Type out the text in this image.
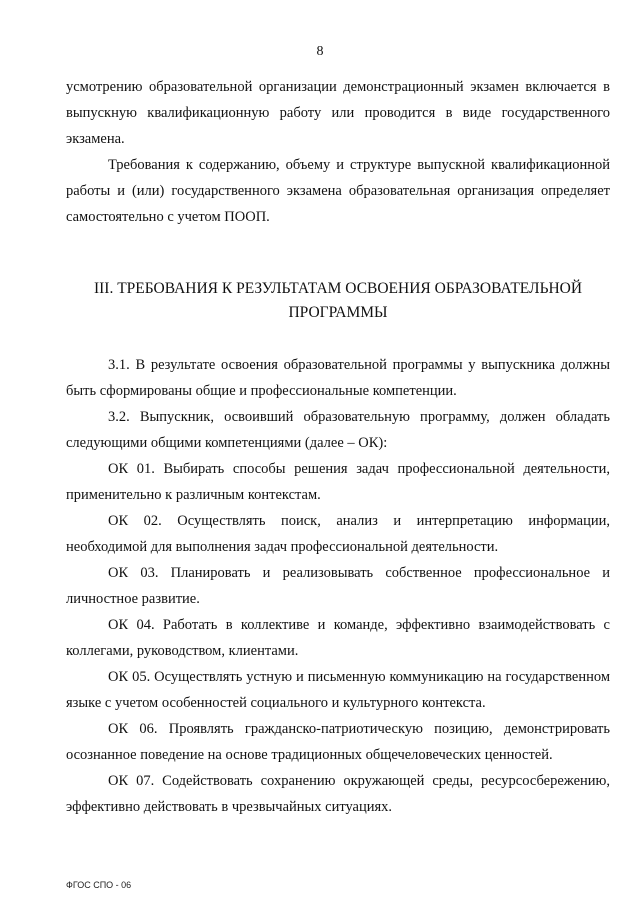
8

усмотрению образовательной организации демонстрационный экзамен включается в выпускную квалификационную работу или проводится в виде государственного экзамена.

Требования к содержанию, объему и структуре выпускной квалификационной работы и (или) государственного экзамена образовательная организация определяет самостоятельно с учетом ПООП.

III. ТРЕБОВАНИЯ К РЕЗУЛЬТАТАМ ОСВОЕНИЯ ОБРАЗОВАТЕЛЬНОЙ ПРОГРАММЫ

3.1. В результате освоения образовательной программы у выпускника должны быть сформированы общие и профессиональные компетенции.

3.2. Выпускник, освоивший образовательную программу, должен обладать следующими общими компетенциями (далее – ОК):

ОК 01. Выбирать способы решения задач профессиональной деятельности, применительно к различным контекстам.

ОК 02. Осуществлять поиск, анализ и интерпретацию информации, необходимой для выполнения задач профессиональной деятельности.

ОК 03. Планировать и реализовывать собственное профессиональное и личностное развитие.

ОК 04. Работать в коллективе и команде, эффективно взаимодействовать с коллегами, руководством, клиентами.

ОК 05. Осуществлять устную и письменную коммуникацию на государственном языке с учетом особенностей социального и культурного контекста.

ОК 06. Проявлять гражданско-патриотическую позицию, демонстрировать осознанное поведение на основе традиционных общечеловеческих ценностей.

ОК 07. Содействовать сохранению окружающей среды, ресурсосбережению, эффективно действовать в чрезвычайных ситуациях.

ФГОС СПО - 06
